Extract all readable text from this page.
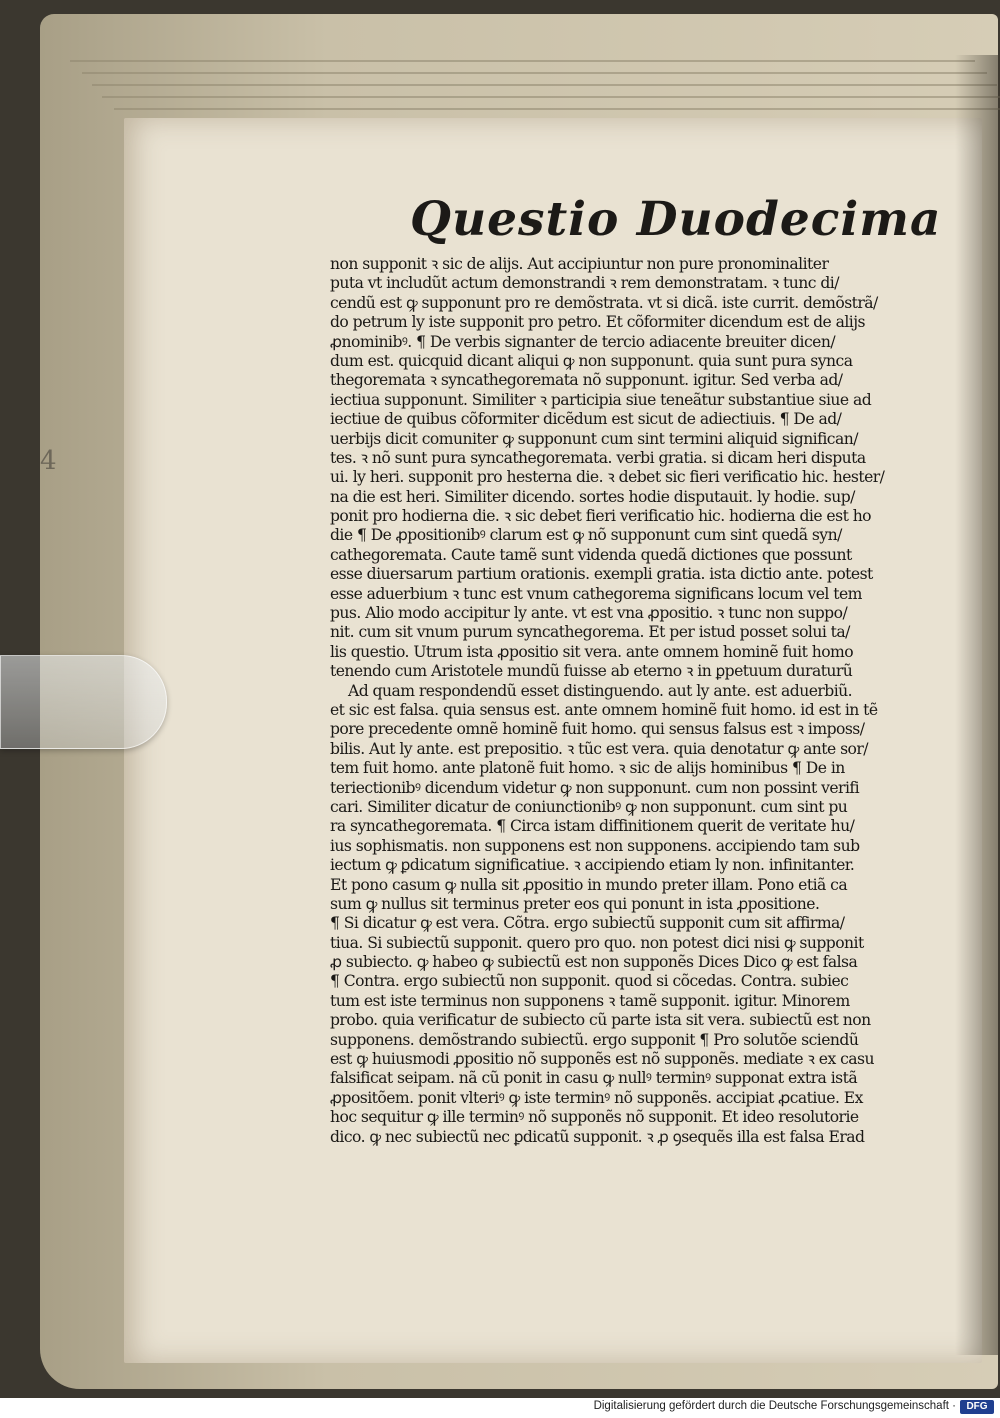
4
Questio Duodecima
non supponit ꝛ sic de alijs. Aut accipiuntur non pure pronominaliter
puta vt includũt actum demonstrandi ꝛ rem demonstratam. ꝛ tunc di/
cendũ est ꝙ supponunt pro re demõstrata. vt si dicã. iste currit. demõstrã/
do petrum ly iste supponit pro petro. Et cõformiter dicendum est de alijs
ꝓnominibꝰ. ¶ De verbis signanter de tercio adiacente breuiter dicen/
dum est. quicquid dicant aliqui ꝙ non supponunt. quia sunt pura synca
thegoremata ꝛ syncathegoremata nõ supponunt. igitur. Sed verba ad/
iectiua supponunt. Similiter ꝛ participia siue teneãtur substantiue siue ad
iectiue de quibus cõformiter dicẽdum est sicut de adiectiuis. ¶ De ad/
uerbijs dicit comuniter ꝙ supponunt cum sint termini aliquid significan/
tes. ꝛ nõ sunt pura syncathegoremata. verbi gratia. si dicam heri disputa
ui. ly heri. supponit pro hesterna die. ꝛ debet sic fieri verificatio hic. hester/
na die est heri. Similiter dicendo. sortes hodie disputauit. ly hodie. sup/
ponit pro hodierna die. ꝛ sic debet fieri verificatio hic. hodierna die est ho
die ¶ De ꝓpositionibꝰ clarum est ꝙ nõ supponunt cum sint quedã syn/
cathegoremata. Caute tamẽ sunt videnda quedã dictiones que possunt
esse diuersarum partium orationis. exempli gratia. ista dictio ante. potest
esse aduerbium ꝛ tunc est vnum cathegorema significans locum vel tem
pus. Alio modo accipitur ly ante. vt est vna ꝓpositio. ꝛ tunc non suppo/
nit. cum sit vnum purum syncathegorema. Et per istud posset solui ta/
lis questio. Utrum ista ꝓpositio sit vera. ante omnem hominẽ fuit homo
tenendo cum Aristotele mundũ fuisse ab eterno ꝛ in ꝑpetuum duraturũ
Ad quam respondendũ esset distinguendo. aut ly ante. est aduerbiũ.
et sic est falsa. quia sensus est. ante omnem hominẽ fuit homo. id est in tẽ
pore precedente omnẽ hominẽ fuit homo. qui sensus falsus est ꝛ imposs/
bilis. Aut ly ante. est prepositio. ꝛ tũc est vera. quia denotatur ꝙ ante sor/
tem fuit homo. ante platonẽ fuit homo. ꝛ sic de alijs hominibus ¶ De in
teriectionibꝰ dicendum videtur ꝙ non supponunt. cum non possint verifi
cari. Similiter dicatur de coniunctionibꝰ ꝙ non supponunt. cum sint pu
ra syncathegoremata. ¶ Circa istam diffinitionem querit de veritate hu/
ius sophismatis. non supponens est non supponens. accipiendo tam sub
iectum ꝙ ꝑdicatum significatiue. ꝛ accipiendo etiam ly non. infinitanter.
Et pono casum ꝙ nulla sit ꝓpositio in mundo preter illam. Pono etiã ca
sum ꝙ nullus sit terminus preter eos qui ponunt in ista ꝓpositione.
¶ Si dicatur ꝙ est vera. Cõtra. ergo subiectũ supponit cum sit affirma/
tiua. Si subiectũ supponit. quero pro quo. non potest dici nisi ꝙ supponit
ꝓ subiecto. ꝙ habeo ꝙ subiectũ est non supponẽs Dices Dico ꝙ est falsa
¶ Contra. ergo subiectũ non supponit. quod si cõcedas. Contra. subiec
tum est iste terminus non supponens ꝛ tamẽ supponit. igitur. Minorem
probo. quia verificatur de subiecto cũ parte ista sit vera. subiectũ est non
supponens. demõstrando subiectũ. ergo supponit ¶ Pro solutõe sciendũ
est ꝙ huiusmodi ꝓpositio nõ supponẽs est nõ supponẽs. mediate ꝛ ex casu
falsificat seipam. nã cũ ponit in casu ꝙ nullꝰ terminꝰ supponat extra istã
ꝓpositõem. ponit vlteriꝰ ꝙ iste terminꝰ nõ supponẽs. accipiat ꝓcatiue. Ex
hoc sequitur ꝙ ille terminꝰ nõ supponẽs nõ supponit. Et ideo resolutorie
dico. ꝙ nec subiectũ nec ꝑdicatũ supponit. ꝛ ꝓ ꝯsequẽs illa est falsa Erad
Digitalisierung gefördert durch die Deutsche Forschungsgemeinschaft ·	DFG
